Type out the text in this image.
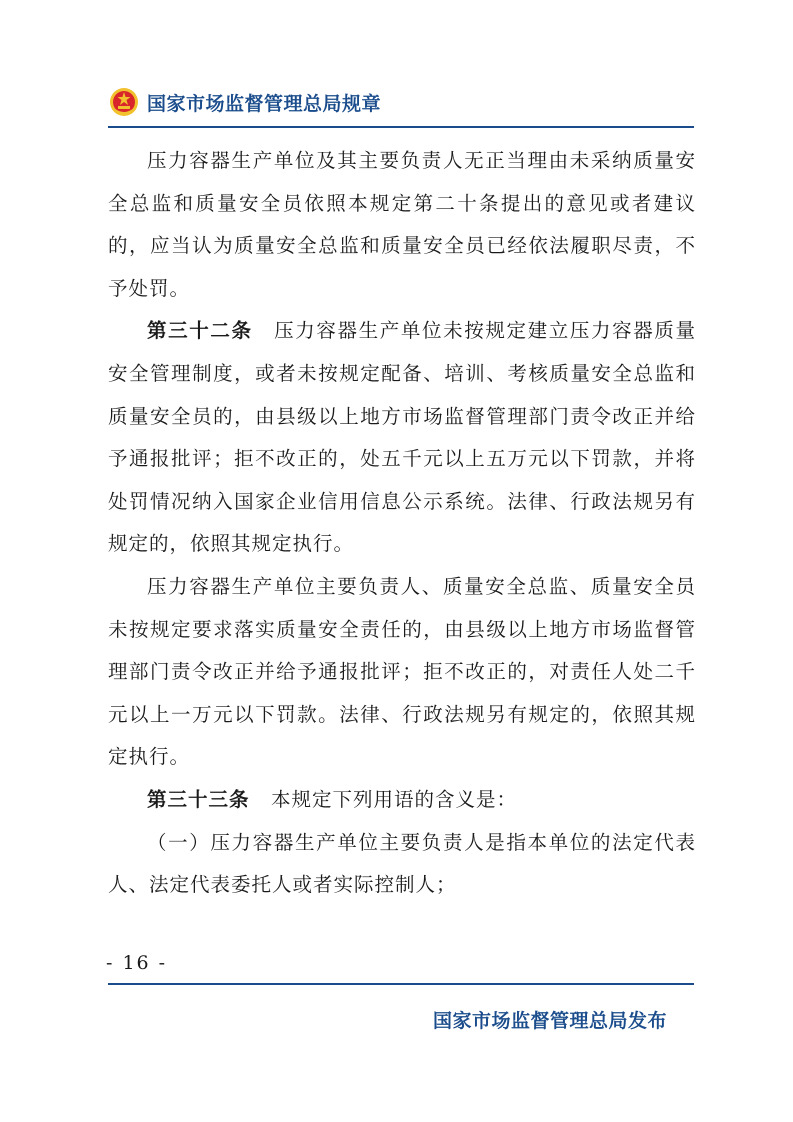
国家市场监督管理总局规章

压力容器生产单位及其主要负责人无正当理由未采纳质量安全总监和质量安全员依照本规定第二十条提出的意见或者建议的，应当认为质量安全总监和质量安全员已经依法履职尽责，不予处罚。

第三十二条 压力容器生产单位未按规定建立压力容器质量安全管理制度，或者未按规定配备、培训、考核质量安全总监和质量安全员的，由县级以上地方市场监督管理部门责令改正并给予通报批评；拒不改正的，处五千元以上五万元以下罚款，并将处罚情况纳入国家企业信用信息公示系统。法律、行政法规另有规定的，依照其规定执行。

压力容器生产单位主要负责人、质量安全总监、质量安全员未按规定要求落实质量安全责任的，由县级以上地方市场监督管理部门责令改正并给予通报批评；拒不改正的，对责任人处二千元以上一万元以下罚款。法律、行政法规另有规定的，依照其规定执行。

第三十三条 本规定下列用语的含义是：

（一）压力容器生产单位主要负责人是指本单位的法定代表人、法定代表委托人或者实际控制人；

- 16 -
国家市场监督管理总局发布
